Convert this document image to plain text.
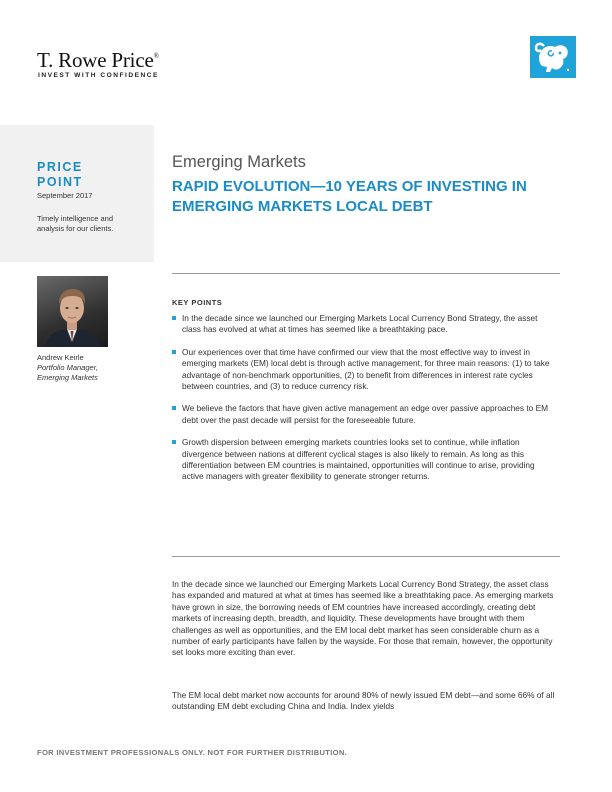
T. Rowe Price®
INVEST WITH CONFIDENCE
PRICE
POINT
September 2017
Timely intelligence and analysis for our clients.
Emerging Markets
RAPID EVOLUTION—10 YEARS OF INVESTING IN EMERGING MARKETS LOCAL DEBT
Andrew Keirle
Portfolio Manager,
Emerging Markets
KEY POINTS
In the decade since we launched our Emerging Markets Local Currency Bond Strategy, the asset class has evolved at what at times has seemed like a breathtaking pace.
Our experiences over that time have confirmed our view that the most effective way to invest in emerging markets (EM) local debt is through active management, for three main reasons: (1) to take advantage of non-benchmark opportunities, (2) to benefit from differences in interest rate cycles between countries, and (3) to reduce currency risk.
We believe the factors that have given active management an edge over passive approaches to EM debt over the past decade will persist for the foreseeable future.
Growth dispersion between emerging markets countries looks set to continue, while inflation divergence between nations at different cyclical stages is also likely to remain. As long as this differentiation between EM countries is maintained, opportunities will continue to arise, providing active managers with greater flexibility to generate stronger returns.

In the decade since we launched our Emerging Markets Local Currency Bond Strategy, the asset class has expanded and matured at what at times has seemed like a breathtaking pace. As emerging markets have grown in size, the borrowing needs of EM countries have increased accordingly, creating debt markets of increasing depth, breadth, and liquidity. These developments have brought with them challenges as well as opportunities, and the EM local debt market has seen considerable churn as a number of early participants have fallen by the wayside. For those that remain, however, the opportunity set looks more exciting than ever.

The EM local debt market now accounts for around 80% of newly issued EM debt—and some 66% of all outstanding EM debt excluding China and India. Index yields

FOR INVESTMENT PROFESSIONALS ONLY. NOT FOR FURTHER DISTRIBUTION.
